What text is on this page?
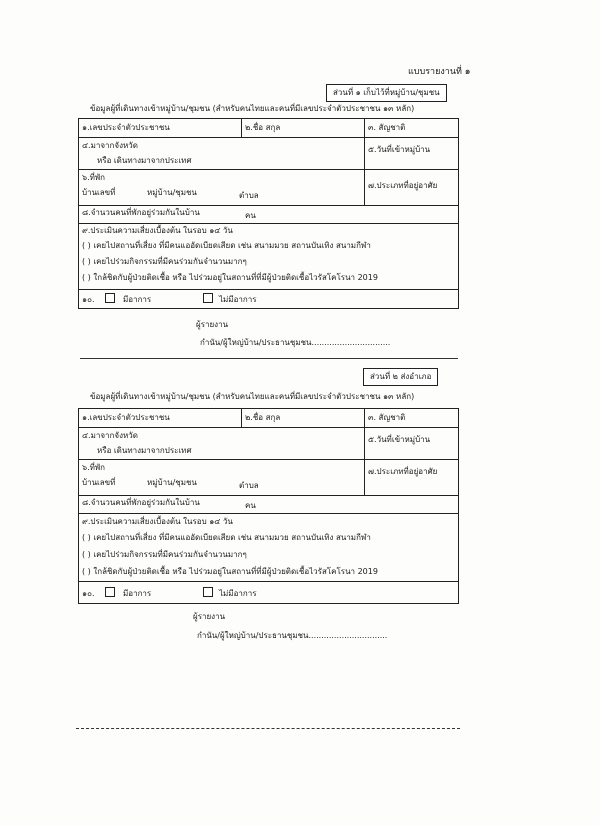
แบบรายงานที่ ๑
ส่วนที่ ๑ เก็บไว้ที่หมู่บ้าน/ชุมชน
ข้อมูลผู้ที่เดินทางเข้าหมู่บ้าน/ชุมชน (สำหรับคนไทยและคนที่มีเลขประจำตัวประชาชน ๑๓ หลัก)
๑.เลขประจำตัวประชาชน	๒.ชื่อ สกุล	๓. สัญชาติ
๔.มาจากจังหวัด
หรือ เดินทางมาจากประเทศ
๕.วันที่เข้าหมู่บ้าน
๖.ที่พัก
บ้านเลขที่	หมู่บ้าน/ชุมชน	ตำบล
๗.ประเภทที่อยู่อาศัย
๘.จำนวนคนที่พักอยู่ร่วมกันในบ้าน	คน
๙.ประเมินความเสี่ยงเบื้องต้น ในรอบ ๑๔ วัน
( ) เคยไปสถานที่เสี่ยง ที่มีคนแออัดเบียดเสียด เช่น สนามมวย สถานบันเทิง สนามกีฬา
( ) เคยไปร่วมกิจกรรมที่มีคนร่วมกันจำนวนมากๆ
( ) ใกล้ชิดกับผู้ป่วยติดเชื้อ หรือ ไปร่วมอยู่ในสถานที่ที่มีผู้ป่วยติดเชื้อไวรัสโคโรนา 2019
๑๐.	มีอาการ	ไม่มีอาการ
ผู้รายงาน
กำนัน/ผู้ใหญ่บ้าน/ประธานชุมชน...............................
ส่วนที่ ๒ ส่งอำเภอ
ข้อมูลผู้ที่เดินทางเข้าหมู่บ้าน/ชุมชน (สำหรับคนไทยและคนที่มีเลขประจำตัวประชาชน ๑๓ หลัก)
๑.เลขประจำตัวประชาชน	๒.ชื่อ สกุล	๓. สัญชาติ
๔.มาจากจังหวัด
หรือ เดินทางมาจากประเทศ
๕.วันที่เข้าหมู่บ้าน
๖.ที่พัก
บ้านเลขที่	หมู่บ้าน/ชุมชน	ตำบล
๗.ประเภทที่อยู่อาศัย
๘.จำนวนคนที่พักอยู่ร่วมกันในบ้าน	คน
๙.ประเมินความเสี่ยงเบื้องต้น ในรอบ ๑๔ วัน
( ) เคยไปสถานที่เสี่ยง ที่มีคนแออัดเบียดเสียด เช่น สนามมวย สถานบันเทิง สนามกีฬา
( ) เคยไปร่วมกิจกรรมที่มีคนร่วมกันจำนวนมากๆ
( ) ใกล้ชิดกับผู้ป่วยติดเชื้อ หรือ ไปร่วมอยู่ในสถานที่ที่มีผู้ป่วยติดเชื้อไวรัสโคโรนา 2019
๑๐.	มีอาการ	ไม่มีอาการ
ผู้รายงาน
กำนัน/ผู้ใหญ่บ้าน/ประธานชุมชน...............................
